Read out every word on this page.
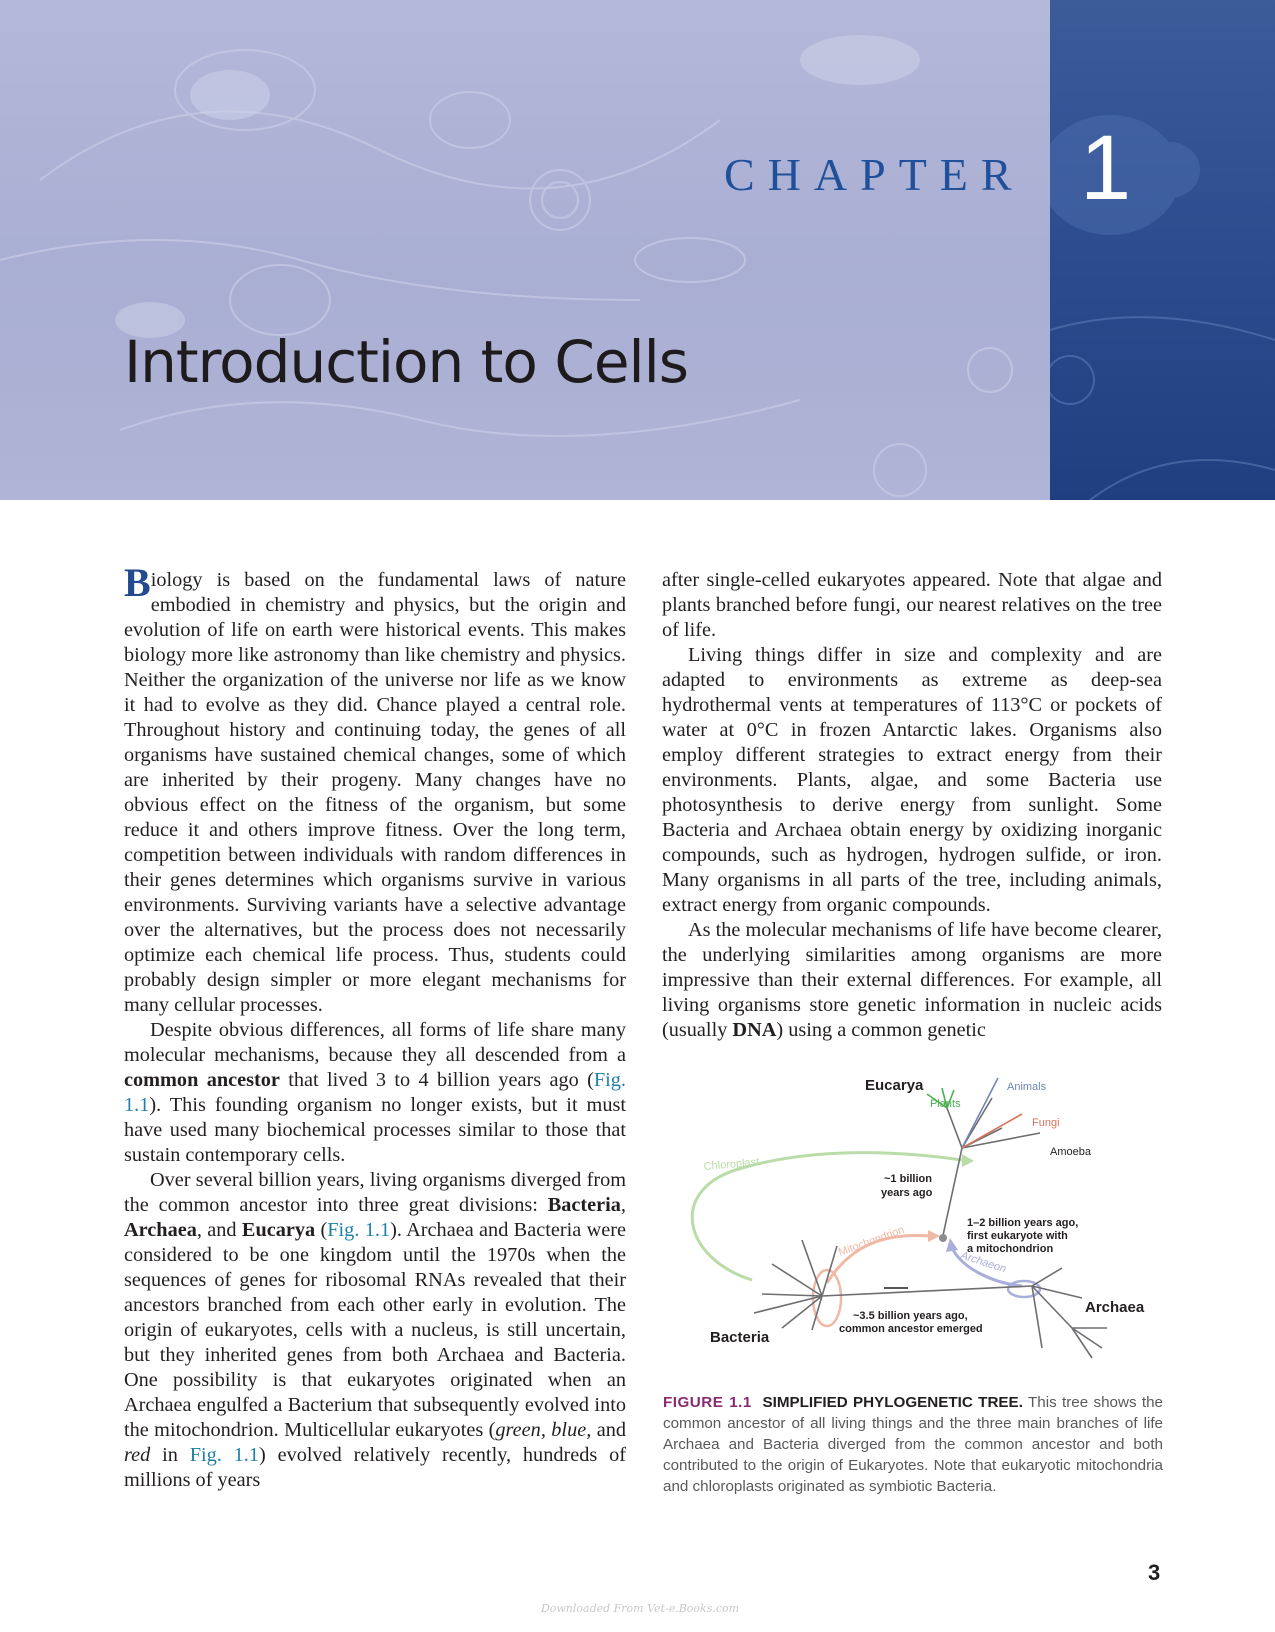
CHAPTER 1
Introduction to Cells

Biology is based on the fundamental laws of nature embodied in chemistry and physics, but the origin and evolution of life on earth were historical events. This makes biology more like astronomy than like chemistry and physics. Neither the organization of the universe nor life as we know it had to evolve as they did. Chance played a central role. Throughout history and continuing today, the genes of all organisms have sustained chemical changes, some of which are inherited by their progeny. Many changes have no obvious effect on the fitness of the organism, but some reduce it and others improve fitness. Over the long term, competition between individuals with random differences in their genes determines which organisms survive in various environments. Surviving variants have a selective advantage over the alternatives, but the process does not necessarily optimize each chemical life process. Thus, students could probably design simpler or more elegant mechanisms for many cellular processes.

Despite obvious differences, all forms of life share many molecular mechanisms, because they all descended from a common ancestor that lived 3 to 4 billion years ago (Fig. 1.1). This founding organism no longer exists, but it must have used many biochemical processes similar to those that sustain contemporary cells.

Over several billion years, living organisms diverged from the common ancestor into three great divisions: Bacteria, Archaea, and Eucarya (Fig. 1.1). Archaea and Bacteria were considered to be one kingdom until the 1970s when the sequences of genes for ribosomal RNAs revealed that their ancestors branched from each other early in evolution. The origin of eukaryotes, cells with a nucleus, is still uncertain, but they inherited genes from both Archaea and Bacteria. One possibility is that eukaryotes originated when an Archaea engulfed a Bacterium that subsequently evolved into the mitochondrion. Multicellular eukaryotes (green, blue, and red in Fig. 1.1) evolved relatively recently, hundreds of millions of years

after single-celled eukaryotes appeared. Note that algae and plants branched before fungi, our nearest relatives on the tree of life.

Living things differ in size and complexity and are adapted to environments as extreme as deep-sea hydrothermal vents at temperatures of 113°C or pockets of water at 0°C in frozen Antarctic lakes. Organisms also employ different strategies to extract energy from their environments. Plants, algae, and some Bacteria use photosynthesis to derive energy from sunlight. Some Bacteria and Archaea obtain energy by oxidizing inorganic compounds, such as hydrogen, hydrogen sulfide, or iron. Many organisms in all parts of the tree, including animals, extract energy from organic compounds.

As the molecular mechanisms of life have become clearer, the underlying similarities among organisms are more impressive than their external differences. For example, all living organisms store genetic information in nucleic acids (usually DNA) using a common genetic

Eucarya	Animals
Plants
Fungi
Amoeba
Chloroplast
~1 billion
years ago
1–2 billion years ago,
first eukaryote with
a mitochondrion
Mitochondrion
Archaeon
Archaea
~3.5 billion years ago,
common ancestor emerged
Bacteria
FIGURE 1.1 SIMPLIFIED PHYLOGENETIC TREE. This tree shows the common ancestor of all living things and the three main branches of life Archaea and Bacteria diverged from the common ancestor and both contributed to the origin of Eukaryotes. Note that eukaryotic mitochondria and chloroplasts originated as symbiotic Bacteria.
3
Downloaded From Vet-e.Books.com
